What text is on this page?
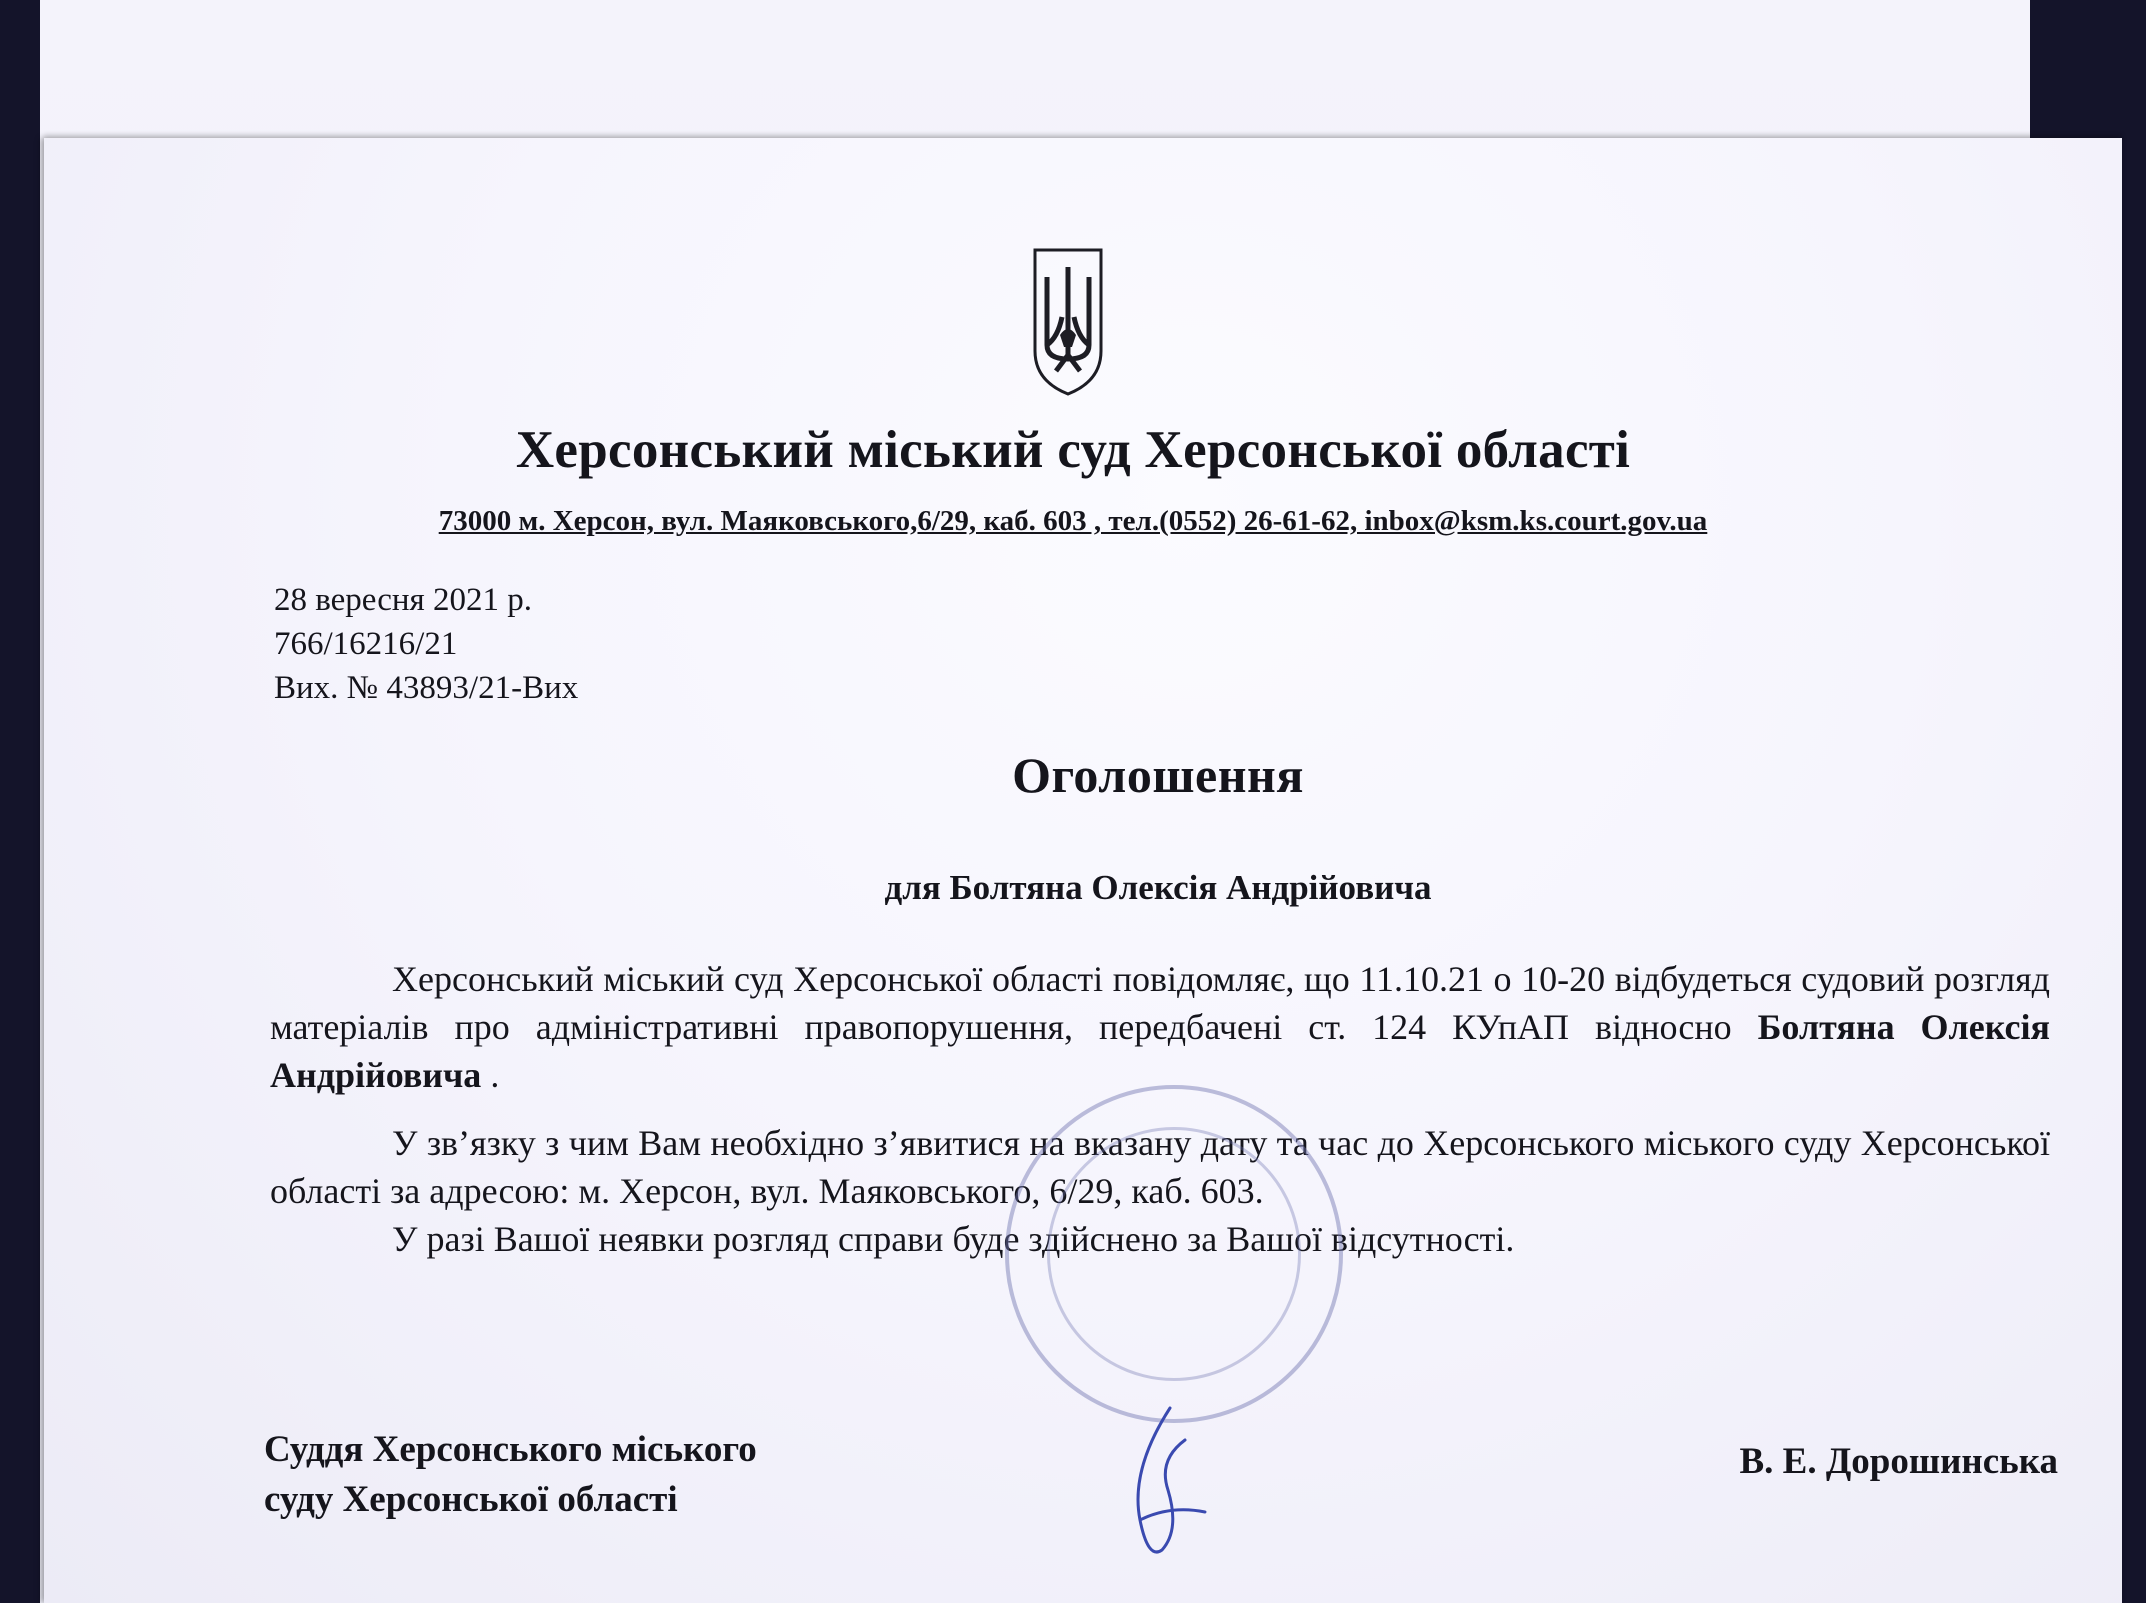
Херсонський міський суд Херсонської області
73000 м. Херсон, вул. Маяковського,6/29, каб. 603 , тел.(0552) 26-61-62, inbox@ksm.ks.court.gov.ua
28 вересня 2021 р.
766/16216/21
Вих. № 43893/21-Вих
Оголошення
для Болтяна Олексія Андрійовича

Херсонський міський суд Херсонської області повідомляє, що 11.10.21 о 10-20 відбудеться судовий розгляд матеріалів про адміністративні правопорушення, передбачені ст. 124 КУпАП відносно Болтяна Олексія Андрійовича .

У зв’язку з чим Вам необхідно з’явитися на вказану дату та час до Херсонського міського суду Херсонської області за адресою: м. Херсон, вул. Маяковського, 6/29, каб. 603.

У разі Вашої неявки розгляд справи буде здійснено за Вашої відсутності.

Суддя Херсонського міського
суду Херсонської області
В. Е. Дорошинська
